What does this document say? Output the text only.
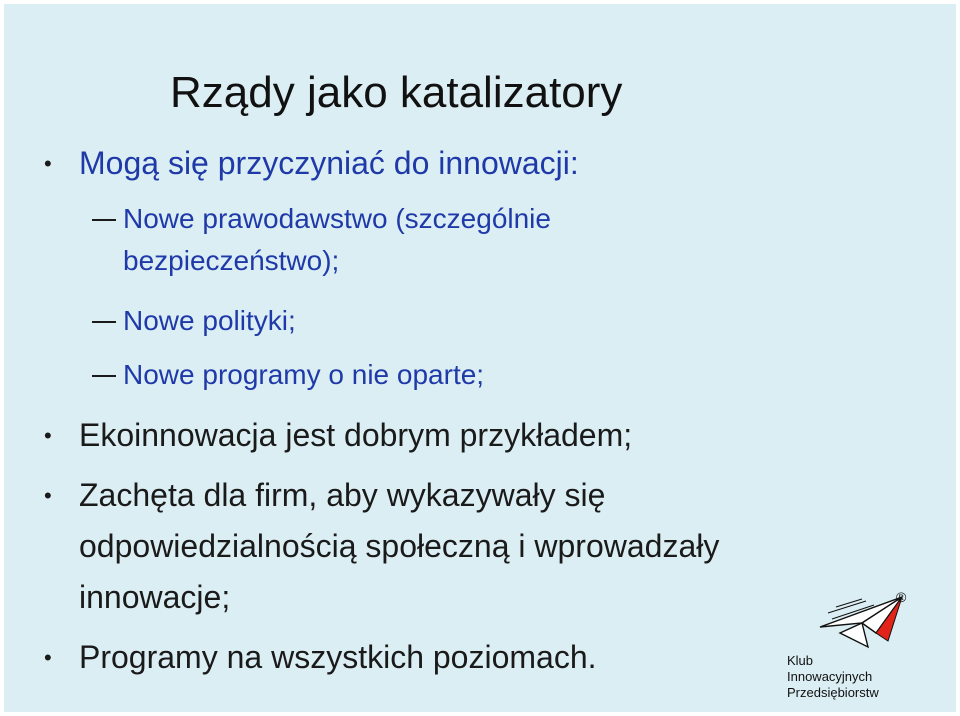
Rządy jako katalizatory
• Mogą się przyczyniać do innowacji:
Nowe prawodawstwo (szczególnie bezpieczeństwo);
Nowe polityki;
Nowe programy o nie oparte;
• Ekoinnowacja jest dobrym przykładem;
• Zachęta dla firm, aby wykazywały się odpowiedzialnością społeczną i wprowadzały innowacje;
• Programy na wszystkich poziomach.
®
Klub
Innowacyjnych
Przedsiębiorstw
